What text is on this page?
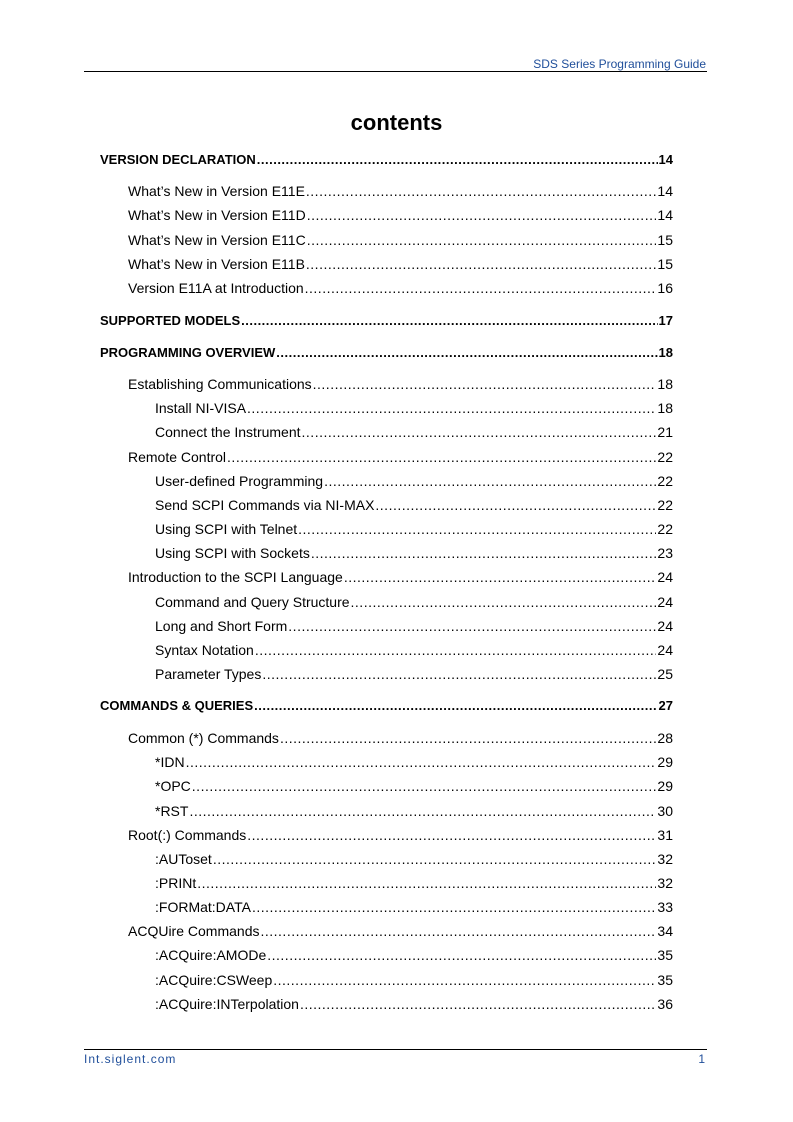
SDS Series Programming Guide
contents
VERSION DECLARATION .....	14
What’s New in Version E11E .....	14
What’s New in Version E11D .....	14
What’s New in Version E11C .....	15
What’s New in Version E11B .....	15
Version E11A at Introduction .....	16
SUPPORTED MODELS .....	17
PROGRAMMING OVERVIEW .....	18
Establishing Communications .....	18
Install NI-VISA .....	18
Connect the Instrument .....	21
Remote Control .....	22
User-defined Programming .....	22
Send SCPI Commands via NI-MAX .....	22
Using SCPI with Telnet .....	22
Using SCPI with Sockets .....	23
Introduction to the SCPI Language .....	24
Command and Query Structure .....	24
Long and Short Form .....	24
Syntax Notation .....	24
Parameter Types .....	25
COMMANDS & QUERIES .....	27
Common (*) Commands .....	28
*IDN .....	29
*OPC .....	29
*RST .....	30
Root(:) Commands .....	31
:AUToset .....	32
:PRINt .....	32
:FORMat:DATA .....	33
ACQUire Commands .....	34
:ACQuire:AMODe .....	35
:ACQuire:CSWeep .....	35
:ACQuire:INTerpolation .....	36
Int.siglent.com	1
